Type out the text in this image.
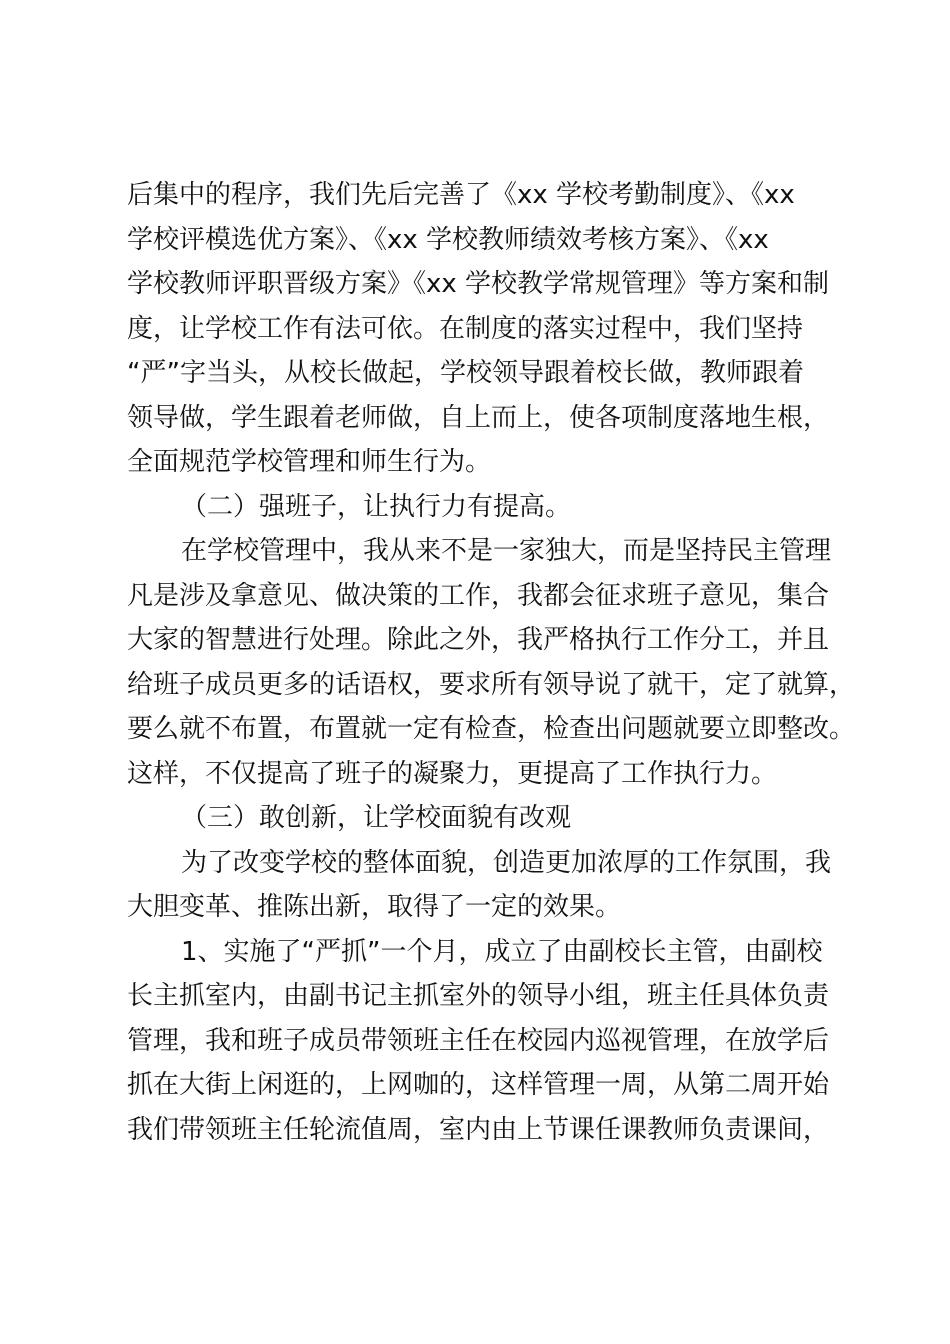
后集中的程序，我们先后完善了《xx 学校考勤制度》、《xx
学校评模选优方案》、《xx 学校教师绩效考核方案》、《xx
学校教师评职晋级方案》《xx 学校教学常规管理》等方案和制
度，让学校工作有法可依。在制度的落实过程中，我们坚持
“严”字当头，从校长做起，学校领导跟着校长做，教师跟着
领导做，学生跟着老师做，自上而上，使各项制度落地生根，
全面规范学校管理和师生行为。
（二）强班子，让执行力有提高。
在学校管理中，我从来不是一家独大，而是坚持民主管理
凡是涉及拿意见、做决策的工作，我都会征求班子意见，集合
大家的智慧进行处理。除此之外，我严格执行工作分工，并且
给班子成员更多的话语权，要求所有领导说了就干，定了就算，
要么就不布置，布置就一定有检查，检查出问题就要立即整改。
这样，不仅提高了班子的凝聚力，更提高了工作执行力。
（三）敢创新，让学校面貌有改观
为了改变学校的整体面貌，创造更加浓厚的工作氛围，我
大胆变革、推陈出新，取得了一定的效果。
1、实施了“严抓”一个月，成立了由副校长主管，由副校
长主抓室内，由副书记主抓室外的领导小组，班主任具体负责
管理，我和班子成员带领班主任在校园内巡视管理，在放学后
抓在大街上闲逛的，上网咖的，这样管理一周，从第二周开始
我们带领班主任轮流值周，室内由上节课任课教师负责课间，
